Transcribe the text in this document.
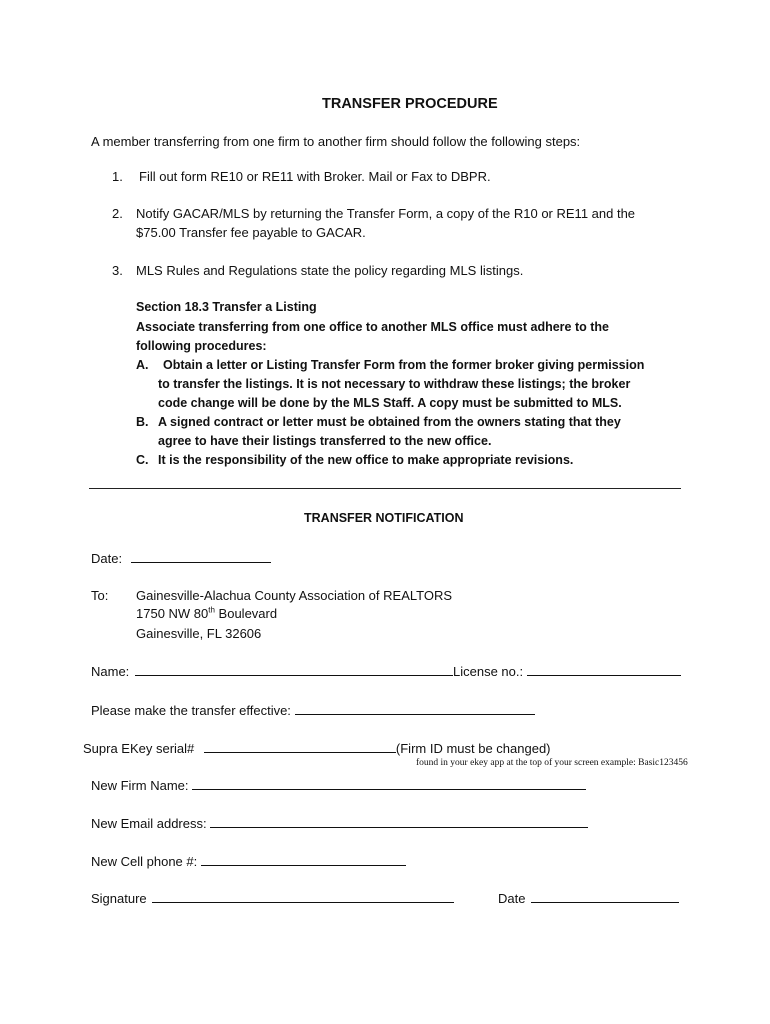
TRANSFER PROCEDURE
A member transferring from one firm to another firm should follow the following steps:
1. Fill out form RE10 or RE11 with Broker. Mail or Fax to DBPR.
2. Notify GACAR/MLS by returning the Transfer Form, a copy of the R10 or RE11 and the
$75.00 Transfer fee payable to GACAR.
3. MLS Rules and Regulations state the policy regarding MLS listings.
Section 18.3 Transfer a Listing
Associate transferring from one office to another MLS office must adhere to the
following procedures:
A. Obtain a letter or Listing Transfer Form from the former broker giving permission
to transfer the listings. It is not necessary to withdraw these listings; the broker
code change will be done by the MLS Staff. A copy must be submitted to MLS.
B. A signed contract or letter must be obtained from the owners stating that they
agree to have their listings transferred to the new office.
C. It is the responsibility of the new office to make appropriate revisions.
TRANSFER NOTIFICATION
Date:
To: Gainesville-Alachua County Association of REALTORS
1750 NW 80th Boulevard
Gainesville, FL 32606
Name:	License no.:
Please make the transfer effective:
Supra EKey serial#	(Firm ID must be changed)
found in your ekey app at the top of your screen example: Basic123456
New Firm Name:
New Email address:
New Cell phone #:
Signature	Date
